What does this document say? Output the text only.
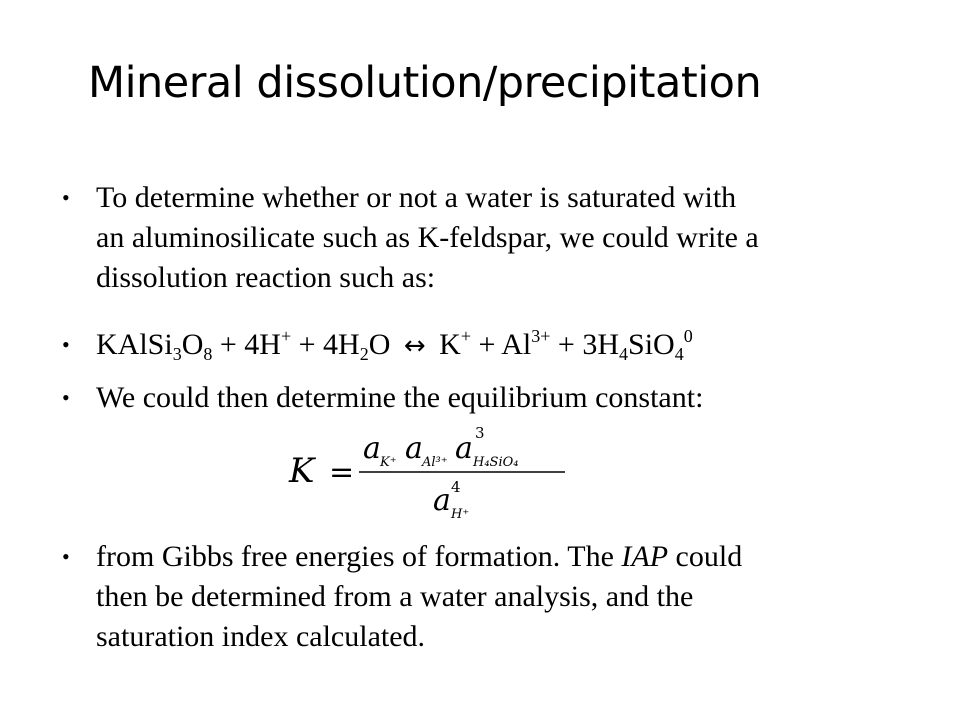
Mineral dissolution/precipitation
• To determine whether or not a water is saturated with
an aluminosilicate such as K-feldspar, we could write a
dissolution reaction such as:
• $KAlSi_3O_8 + 4H^+ + 4H_2O$ ↔ $K^+ + Al^{3+} + 3H_4SiO_4^0$
• We could then determine the equilibrium constant:
• from Gibbs free energies of formation. The IAP could
then be determined from a water analysis, and the
saturation index calculated.
K =
a K⁺ a Al³⁺ a 3
H₄SiO₄
a 4
H⁺
